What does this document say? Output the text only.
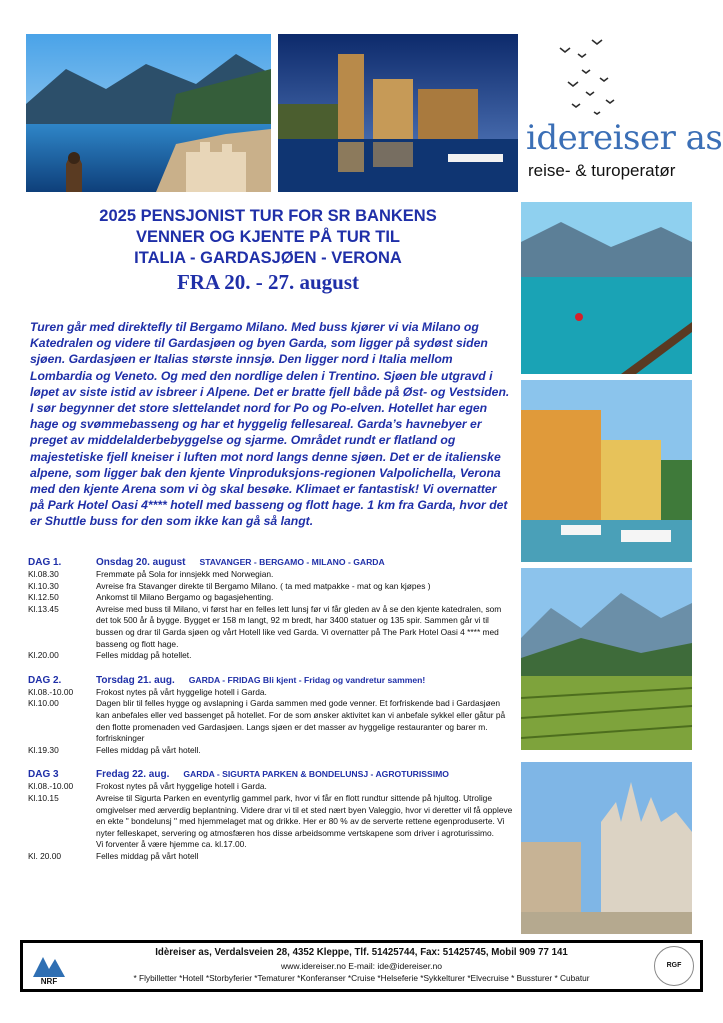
idereiser as
reise- & turoperatør
2025 PENSJONIST TUR FOR SR BANKENS
VENNER OG KJENTE PÅ TUR TIL
ITALIA - GARDASJØEN - VERONA
FRA 20. - 27. august

Turen går med direktefly til Bergamo Milano. Med buss kjører vi via Milano og Katedralen og videre til Gardasjøen og byen Garda, som ligger på sydøst siden sjøen. Gardasjøen er Italias største innsjø. Den ligger nord i Italia mellom Lombardia og Veneto. Og med den nordlige delen i Trentino. Sjøen ble utgravd i løpet av siste istid av isbreer i Alpene. Det er bratte fjell både på Øst- og Vestsiden. I sør begynner det store slettelandet nord for Po og Po-elven. Hotellet har egen hage og svømmebasseng og har et hyggelig fellesareal. Garda’s havnebyer er preget av middelalderbebyggelse og sjarme. Området rundt er flatland og majestetiske fjell kneiser i luften mot nord langs denne sjøen. Det er de italienske alpene, som ligger bak den kjente Vinproduksjons-regionen Valpolichella, Verona med den kjente Arena som vi òg skal besøke. Klimaet er fantastisk! Vi overnatter på Park Hotel Oasi 4**** hotell med basseng og flott hage. 1 km fra Garda, hvor det er Shuttle buss for den som ikke kan gå så langt.

DAG 1.	Onsdag 20. august STAVANGER - BERGAMO - MILANO - GARDA
Kl.08.30	Fremmøte på Sola for innsjekk med Norwegian.
Kl.10.30	Avreise fra Stavanger direkte til Bergamo Milano. ( ta med matpakke - mat og kan kjøpes )
Kl.12.50	Ankomst til Milano Bergamo og bagasjehenting.
Kl.13.45	Avreise med buss til Milano, vi først har en felles lett lunsj før vi får gleden av å se den kjente katedralen, som det tok 500 år å bygge. Bygget er 158 m langt, 92 m bredt, har 3400 statuer og 135 spir. Sammen går vi til bussen og drar til Garda sjøen og vårt Hotell like ved Garda. Vi overnatter på The Park Hotel Oasi 4 **** med basseng og flott hage.
Kl.20.00	Felles middag på hotellet.
DAG 2.	Torsdag 21. aug. GARDA - FRIDAG Bli kjent - Fridag og vandretur sammen!
Kl.08.-10.00	Frokost nytes på vårt hyggelige hotell i Garda.
Kl.10.00	Dagen blir til felles hygge og avslapning i Garda sammen med gode venner. Et forfriskende bad i Gardasjøen kan anbefales eller ved bassenget på hotellet. For de som ønsker aktivitet kan vi anbefale sykkel eller gåtur på den flotte promenaden ved Gardasjøen. Langs sjøen er det masser av hyggelige restauranter og barer m. forfriskninger
Kl.19.30	Felles middag på vårt hotell.
DAG 3	Fredag 22. aug. GARDA - SIGURTA PARKEN & BONDELUNSJ - AGROTURISSIMO
Kl.08.-10.00	Frokost nytes på vårt hyggelige hotell i Garda.
Kl.10.15	Avreise til Sigurta Parken en eventyrlig gammel park, hvor vi får en flott rundtur sittende på hjultog. Utrolige omgivelser med ærverdig beplantning. Videre drar vi til et sted nært byen Valeggio, hvor vi deretter vil få oppleve en ekte " bondelunsj " med hjemmelaget mat og drikke. Her er 80 % av de serverte rettene egenproduserte. Vi nyter felleskapet, servering og atmosfæren hos disse arbeidsomme vertskapene som driver i agroturissimo.
Vi forventer å være hjemme ca. kl.17.00.
Kl. 20.00	Felles middag på vårt hotell
NRF
Idèreiser as, Verdalsveien 28, 4352 Kleppe, Tlf. 51425744, Fax: 51425745, Mobil 909 77 141
www.idereiser.no E-mail: ide@idereiser.no
* Flybilletter *Hotell *Storbyferier *Tematurer *Konferanser *Cruise *Helseferie *Sykkelturer *Elvecruise * Bussturer * Cubatur
RGF
